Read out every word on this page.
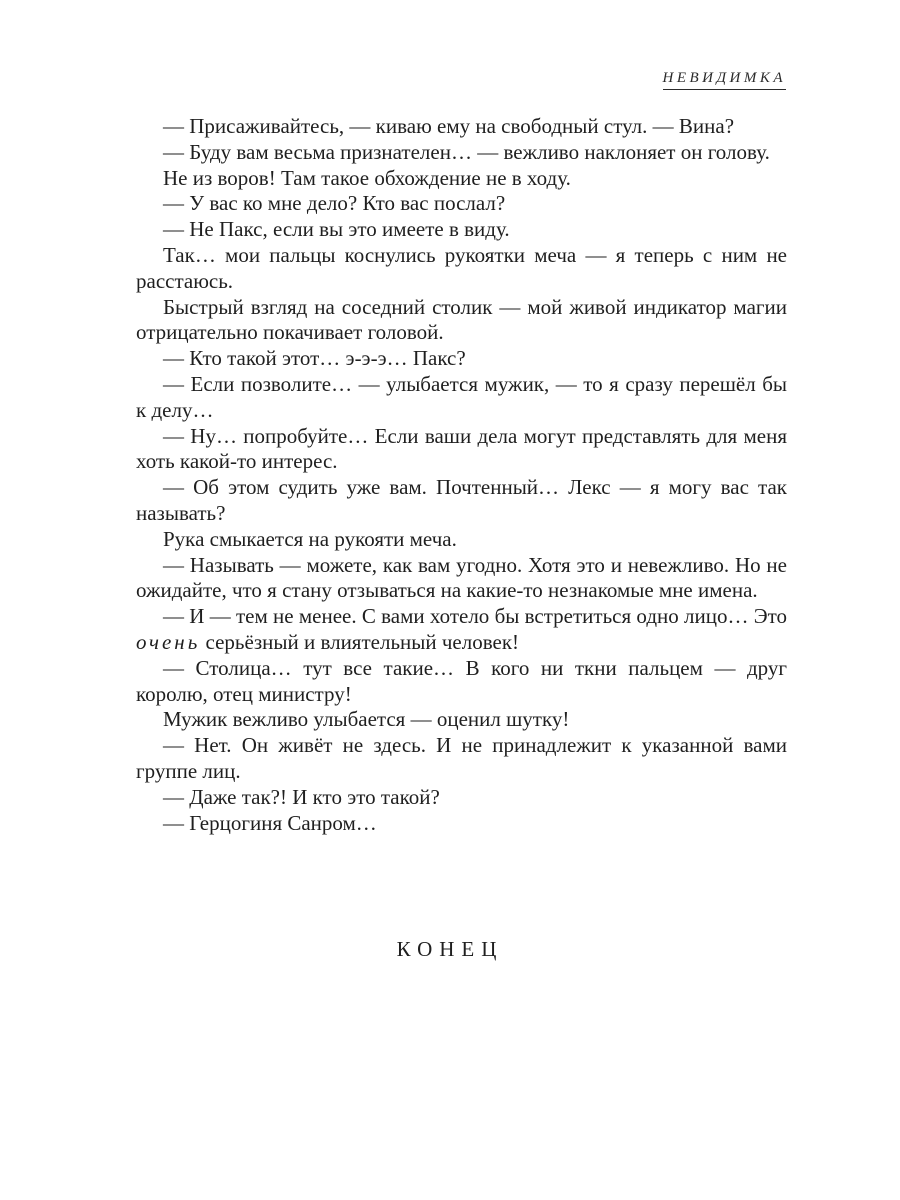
НЕВИДИМКА

— Присаживайтесь, — киваю ему на свободный стул. — Вина?

— Буду вам весьма признателен… — вежливо наклоняет он голову.

Не из воров! Там такое обхождение не в ходу.

— У вас ко мне дело? Кто вас послал?

— Не Пакс, если вы это имеете в виду.

Так… мои пальцы коснулись рукоятки меча — я теперь с ним не расстаюсь.

Быстрый взгляд на соседний столик — мой живой индикатор магии отрицательно покачивает головой.

— Кто такой этот… э-э-э… Пакс?

— Если позволите… — улыбается мужик, — то я сразу перешёл бы к делу…

— Ну… попробуйте… Если ваши дела могут представлять для меня хоть какой-то интерес.

— Об этом судить уже вам. Почтенный… Лекс — я могу вас так называть?

Рука смыкается на рукояти меча.

— Называть — можете, как вам угодно. Хотя это и невежливо. Но не ожидайте, что я стану отзываться на какие-то незнакомые мне имена.

— И — тем не менее. С вами хотело бы встретиться одно лицо… Это очень серьёзный и влиятельный человек!

— Столица… тут все такие… В кого ни ткни пальцем — друг королю, отец министру!

Мужик вежливо улыбается — оценил шутку!

— Нет. Он живёт не здесь. И не принадлежит к указанной вами группе лиц.

— Даже так?! И кто это такой?

— Герцогиня Санром…

КОНЕЦ
